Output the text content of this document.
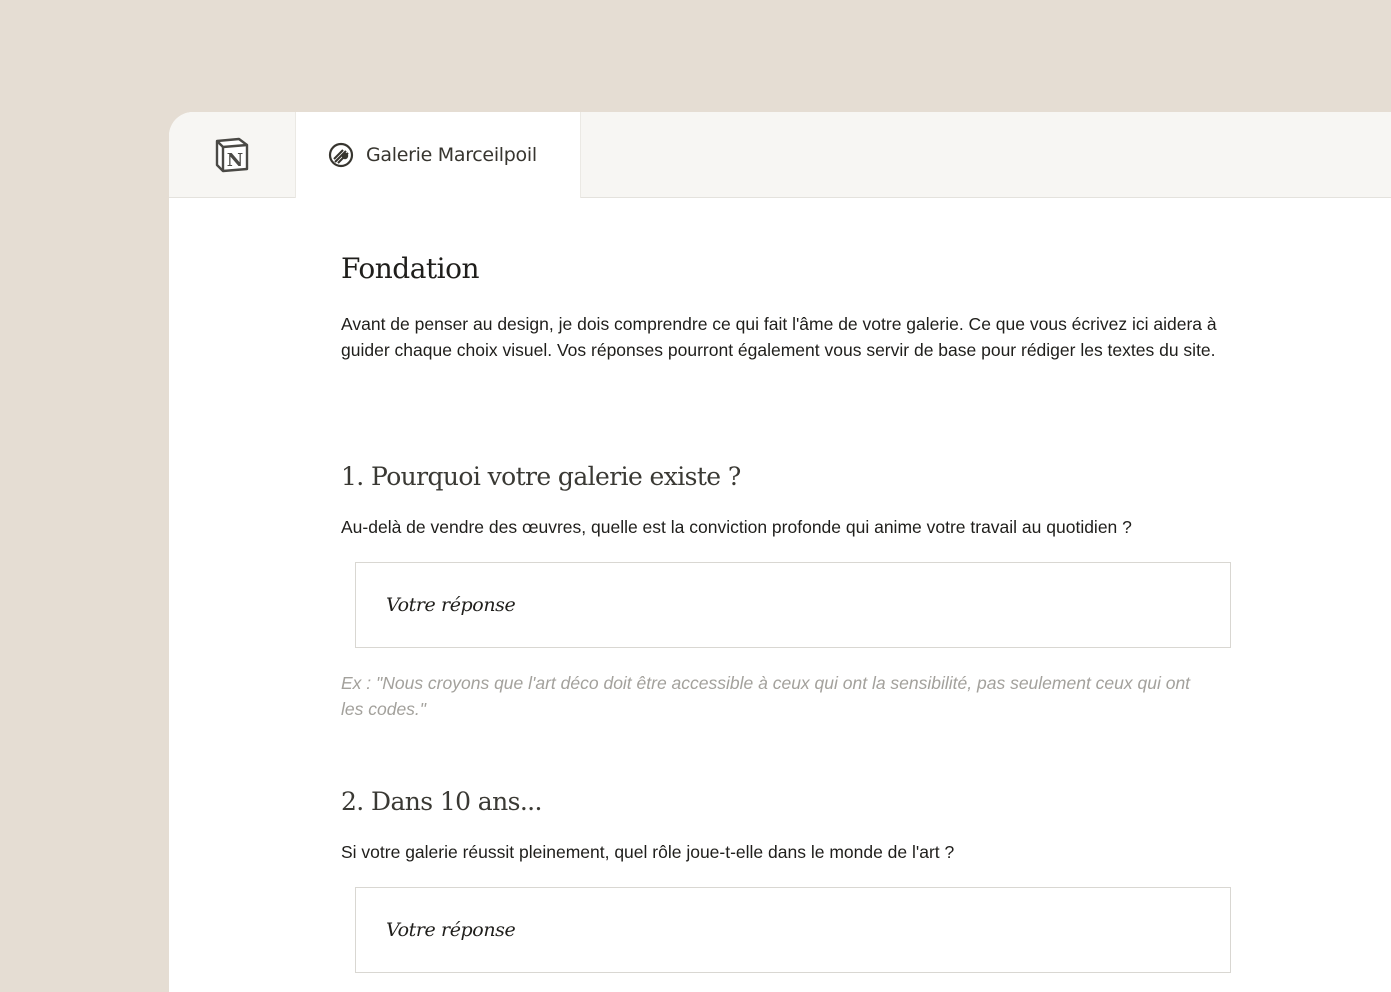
N	Galerie Marceilpoil
Fondation
Avant de penser au design, je dois comprendre ce qui fait l'âme de votre galerie. Ce que vous écrivez ici aidera à guider chaque choix visuel. Vos réponses pourront également vous servir de base pour rédiger les textes du site.
1. Pourquoi votre galerie existe ?
Au-delà de vendre des œuvres, quelle est la conviction profonde qui anime votre travail au quotidien ?
Votre réponse
Ex : "Nous croyons que l'art déco doit être accessible à ceux qui ont la sensibilité, pas seulement ceux qui ont les codes."
2. Dans 10 ans...
Si votre galerie réussit pleinement, quel rôle joue-t-elle dans le monde de l'art ?
Votre réponse
